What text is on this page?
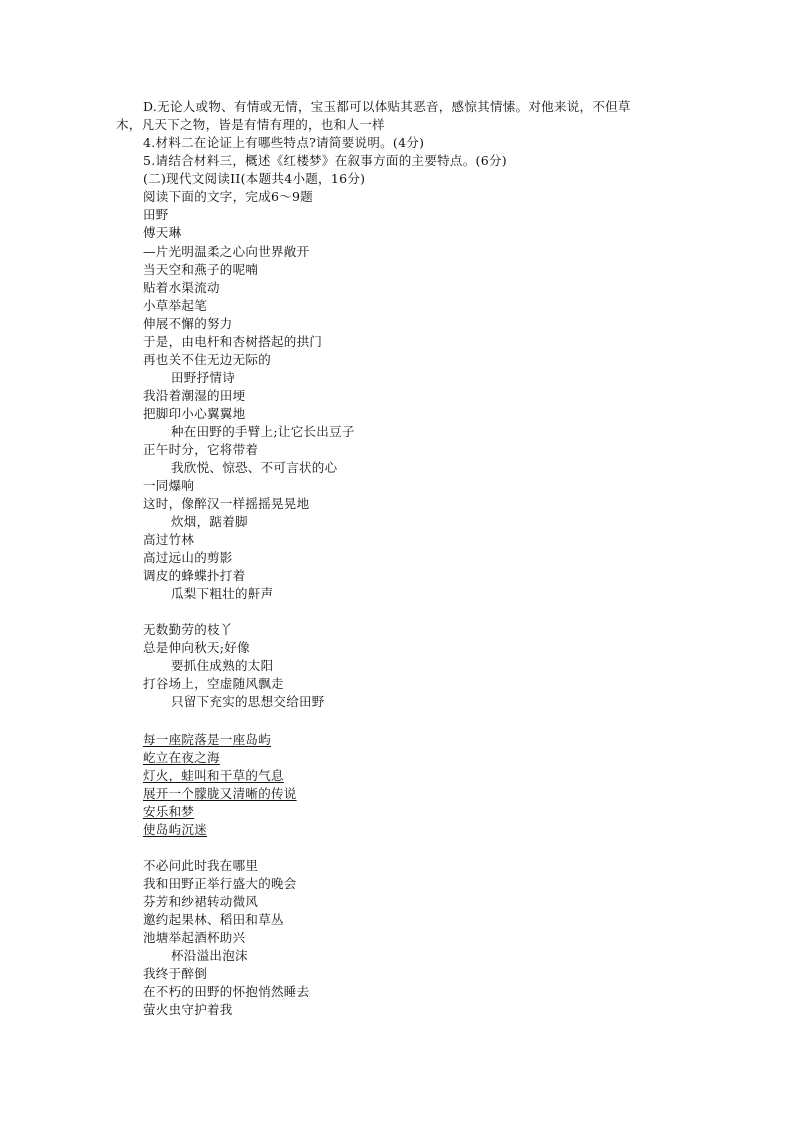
D.无论人或物、有情或无情，宝玉都可以体贴其恶音，感惊其情愫。对他来说，不但草
木，凡天下之物，皆是有情有理的，也和人一样
4.材料二在论证上有哪些特点?请简要说明。(4分)
5.请结合材料三，概述《红楼梦》在叙事方面的主要特点。(6分)
(二)现代文阅读II(本题共4小题，16分)
阅读下面的文字，完成6～9题
田野
傅天琳
—片光明温柔之心向世界敞开
当天空和燕子的呢喃
贴着水渠流动
小草举起笔
伸展不懈的努力
于是，由电杆和杏树搭起的拱门
再也关不住无边无际的
田野抒情诗
我沿着潮湿的田埂
把脚印小心翼翼地
种在田野的手臂上;让它长出豆子
正午时分，它将带着
我欣悦、惊恐、不可言状的心
一同爆响
这时，像醉汉一样摇摇晃晃地
炊烟，踮着脚
高过竹林
高过远山的剪影
调皮的蜂蝶扑打着
瓜梨下粗壮的鼾声
无数勤劳的枝丫
总是伸向秋天;好像
要抓住成熟的太阳
打谷场上，空虚随风飘走
只留下充实的思想交给田野
每一座院落是一座岛屿
屹立在夜之海
灯火，蛙叫和干草的气息
展开一个朦胧又清晰的传说
安乐和梦
使岛屿沉迷
不必问此时我在哪里
我和田野正举行盛大的晚会
芬芳和纱裙转动微风
邀约起果林、稻田和草丛
池塘举起酒杯助兴
杯沿溢出泡沫
我终于醉倒
在不朽的田野的怀抱悄然睡去
萤火虫守护着我
